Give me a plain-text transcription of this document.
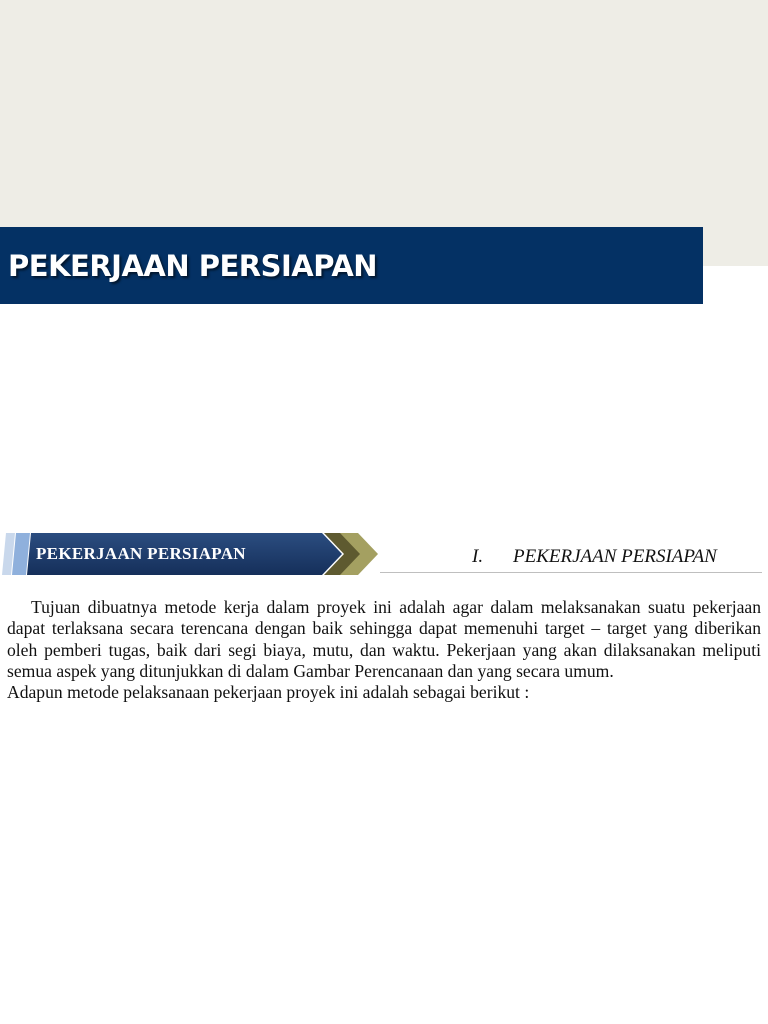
PEKERJAAN PERSIAPAN
PEKERJAAN PERSIAPAN	I. PEKERJAAN PERSIAPAN

Tujuan dibuatnya metode kerja dalam proyek ini adalah agar dalam melaksanakan suatu pekerjaan dapat terlaksana secara terencana dengan baik sehingga dapat memenuhi target – target yang diberikan oleh pemberi tugas, baik dari segi biaya, mutu, dan waktu. Pekerjaan yang akan dilaksanakan meliputi semua aspek yang ditunjukkan di dalam Gambar Perencanaan dan yang secara umum.

Adapun metode pelaksanaan pekerjaan proyek ini adalah sebagai berikut :
